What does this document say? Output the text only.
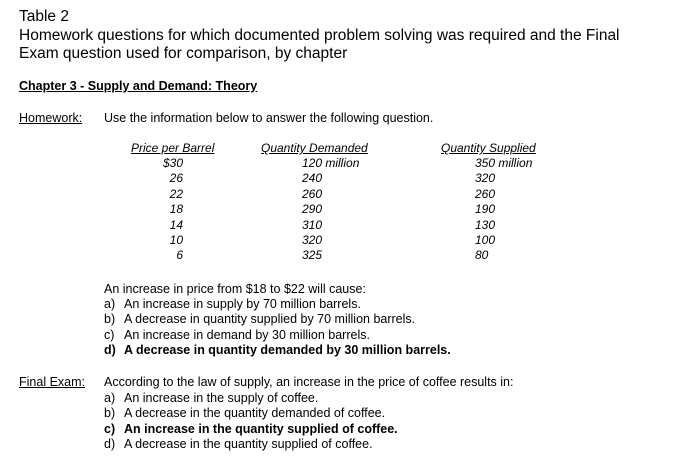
Table 2
Homework questions for which documented problem solving was required and the Final
Exam question used for comparison, by chapter
Chapter 3 - Supply and Demand: Theory
Homework: Use the information below to answer the following question.
Price per Barrel
$30
26
22
18
14
10
6
Quantity Demanded
120 million
240
260
290
310
320
325
Quantity Supplied
350 million
320
260
190
130
100
80
An increase in price from $18 to $22 will cause:
a) An increase in supply by 70 million barrels.
b) A decrease in quantity supplied by 70 million barrels.
c) An increase in demand by 30 million barrels.
d) A decrease in quantity demanded by 30 million barrels.
Final Exam: According to the law of supply, an increase in the price of coffee results in:
a) An increase in the supply of coffee.
b) A decrease in the quantity demanded of coffee.
c) An increase in the quantity supplied of coffee.
d) A decrease in the quantity supplied of coffee.
